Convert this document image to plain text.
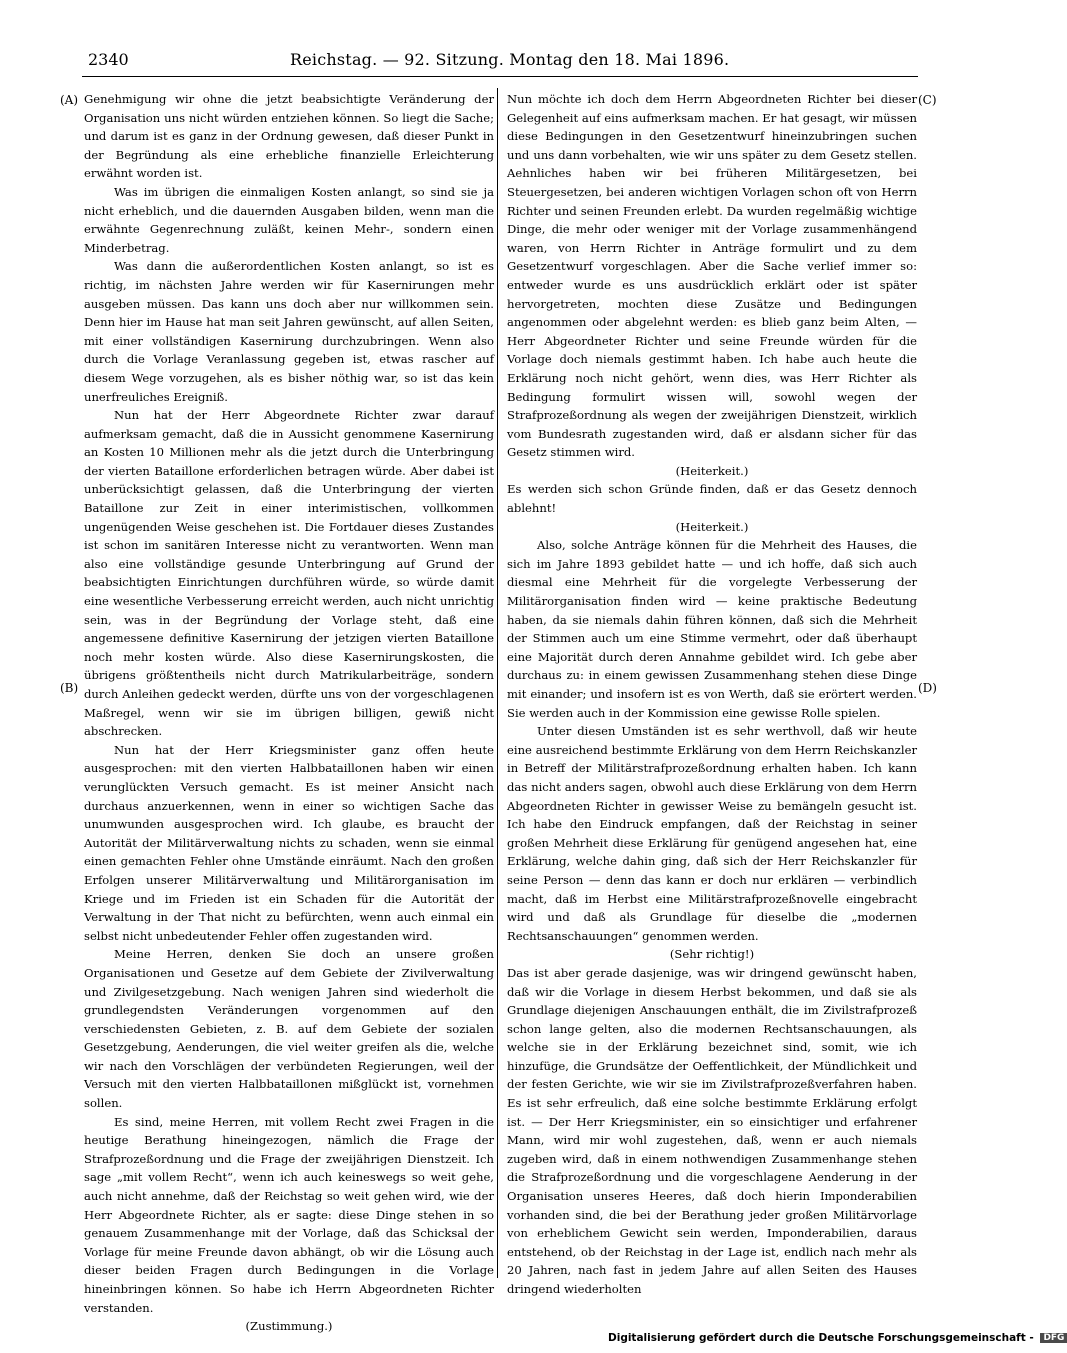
2340	Reichstag. — 92. Sitzung. Montag den 18. Mai 1896.
(A)
(B)
(C)
(D)

Genehmigung wir ohne die jetzt beabsichtigte Veränderung der Organisation uns nicht würden entziehen können. So liegt die Sache; und darum ist es ganz in der Ordnung gewesen, daß dieser Punkt in der Begründung als eine erhebliche finanzielle Erleichterung erwähnt worden ist.

Was im übrigen die einmaligen Kosten anlangt, so sind sie ja nicht erheblich, und die dauernden Ausgaben bilden, wenn man die erwähnte Gegenrechnung zuläßt, keinen Mehr-, sondern einen Minderbetrag.

Was dann die außerordentlichen Kosten anlangt, so ist es richtig, im nächsten Jahre werden wir für Kasernirungen mehr ausgeben müssen. Das kann uns doch aber nur willkommen sein. Denn hier im Hause hat man seit Jahren gewünscht, auf allen Seiten, mit einer vollständigen Kasernirung durchzubringen. Wenn also durch die Vorlage Veranlassung gegeben ist, etwas rascher auf diesem Wege vorzugehen, als es bisher nöthig war, so ist das kein unerfreuliches Ereigniß.

Nun hat der Herr Abgeordnete Richter zwar darauf aufmerksam gemacht, daß die in Aussicht genommene Kasernirung an Kosten 10 Millionen mehr als die jetzt durch die Unterbringung der vierten Bataillone erforderlichen betragen würde. Aber dabei ist unberücksichtigt gelassen, daß die Unterbringung der vierten Bataillone zur Zeit in einer interimistischen, vollkommen ungenügenden Weise geschehen ist. Die Fortdauer dieses Zustandes ist schon im sanitären Interesse nicht zu verantworten. Wenn man also eine vollständige gesunde Unterbringung auf Grund der beabsichtigten Einrichtungen durchführen würde, so würde damit eine wesentliche Verbesserung erreicht werden, auch nicht unrichtig sein, was in der Begründung der Vorlage steht, daß eine angemessene definitive Kasernirung der jetzigen vierten Bataillone noch mehr kosten würde. Also diese Kasernirungskosten, die übrigens größtentheils nicht durch Matrikularbeiträge, sondern durch Anleihen gedeckt werden, dürfte uns von der vorgeschlagenen Maßregel, wenn wir sie im übrigen billigen, gewiß nicht abschrecken.

Nun hat der Herr Kriegsminister ganz offen heute ausgesprochen: mit den vierten Halbbataillonen haben wir einen verunglückten Versuch gemacht. Es ist meiner Ansicht nach durchaus anzuerkennen, wenn in einer so wichtigen Sache das unumwunden ausgesprochen wird. Ich glaube, es braucht der Autorität der Militärverwaltung nichts zu schaden, wenn sie einmal einen gemachten Fehler ohne Umstände einräumt. Nach den großen Erfolgen unserer Militärverwaltung und Militärorganisation im Kriege und im Frieden ist ein Schaden für die Autorität der Verwaltung in der That nicht zu befürchten, wenn auch einmal ein selbst nicht unbedeutender Fehler offen zugestanden wird.

Meine Herren, denken Sie doch an unsere großen Organisationen und Gesetze auf dem Gebiete der Zivilverwaltung und Zivilgesetzgebung. Nach wenigen Jahren sind wiederholt die grundlegendsten Veränderungen vorgenommen auf den verschiedensten Gebieten, z. B. auf dem Gebiete der sozialen Gesetzgebung, Aenderungen, die viel weiter greifen als die, welche wir nach den Vorschlägen der verbündeten Regierungen, weil der Versuch mit den vierten Halbbataillonen mißglückt ist, vornehmen sollen.

Es sind, meine Herren, mit vollem Recht zwei Fragen in die heutige Berathung hineingezogen, nämlich die Frage der Strafprozeßordnung und die Frage der zweijährigen Dienstzeit. Ich sage „mit vollem Recht“, wenn ich auch keineswegs so weit gehe, auch nicht annehme, daß der Reichstag so weit gehen wird, wie der Herr Abgeordnete Richter, als er sagte: diese Dinge stehen in so genauem Zusammenhange mit der Vorlage, daß das Schicksal der Vorlage für meine Freunde davon abhängt, ob wir die Lösung auch dieser beiden Fragen durch Bedingungen in die Vorlage hineinbringen können. So habe ich Herrn Abgeordneten Richter verstanden.

(Zustimmung.)

Nun möchte ich doch dem Herrn Abgeordneten Richter bei dieser Gelegenheit auf eins aufmerksam machen. Er hat gesagt, wir müssen diese Bedingungen in den Gesetzentwurf hineinzubringen suchen und uns dann vorbehalten, wie wir uns später zu dem Gesetz stellen. Aehnliches haben wir bei früheren Militärgesetzen, bei Steuergesetzen, bei anderen wichtigen Vorlagen schon oft von Herrn Richter und seinen Freunden erlebt. Da wurden regelmäßig wichtige Dinge, die mehr oder weniger mit der Vorlage zusammenhängend waren, von Herrn Richter in Anträge formulirt und zu dem Gesetzentwurf vorgeschlagen. Aber die Sache verlief immer so: entweder wurde es uns ausdrücklich erklärt oder ist später hervorgetreten, mochten diese Zusätze und Bedingungen angenommen oder abgelehnt werden: es blieb ganz beim Alten, — Herr Abgeordneter Richter und seine Freunde würden für die Vorlage doch niemals gestimmt haben. Ich habe auch heute die Erklärung noch nicht gehört, wenn dies, was Herr Richter als Bedingung formulirt wissen will, sowohl wegen der Strafprozeßordnung als wegen der zweijährigen Dienstzeit, wirklich vom Bundesrath zugestanden wird, daß er alsdann sicher für das Gesetz stimmen wird.

(Heiterkeit.)

Es werden sich schon Gründe finden, daß er das Gesetz dennoch ablehnt!

(Heiterkeit.)

Also, solche Anträge können für die Mehrheit des Hauses, die sich im Jahre 1893 gebildet hatte — und ich hoffe, daß sich auch diesmal eine Mehrheit für die vorgelegte Verbesserung der Militärorganisation finden wird — keine praktische Bedeutung haben, da sie niemals dahin führen können, daß sich die Mehrheit der Stimmen auch um eine Stimme vermehrt, oder daß überhaupt eine Majorität durch deren Annahme gebildet wird. Ich gebe aber durchaus zu: in einem gewissen Zusammenhang stehen diese Dinge mit einander; und insofern ist es von Werth, daß sie erörtert werden. Sie werden auch in der Kommission eine gewisse Rolle spielen.

Unter diesen Umständen ist es sehr werthvoll, daß wir heute eine ausreichend bestimmte Erklärung von dem Herrn Reichskanzler in Betreff der Militärstrafprozeßordnung erhalten haben. Ich kann das nicht anders sagen, obwohl auch diese Erklärung von dem Herrn Abgeordneten Richter in gewisser Weise zu bemängeln gesucht ist. Ich habe den Eindruck empfangen, daß der Reichstag in seiner großen Mehrheit diese Erklärung für genügend angesehen hat, eine Erklärung, welche dahin ging, daß sich der Herr Reichskanzler für seine Person — denn das kann er doch nur erklären — verbindlich macht, daß im Herbst eine Militärstrafprozeßnovelle eingebracht wird und daß als Grundlage für dieselbe die „modernen Rechtsanschauungen“ genommen werden.

(Sehr richtig!)

Das ist aber gerade dasjenige, was wir dringend gewünscht haben, daß wir die Vorlage in diesem Herbst bekommen, und daß sie als Grundlage diejenigen Anschauungen enthält, die im Zivilstrafprozeß schon lange gelten, also die modernen Rechtsanschauungen, als welche sie in der Erklärung bezeichnet sind, somit, wie ich hinzufüge, die Grundsätze der Oeffentlichkeit, der Mündlichkeit und der festen Gerichte, wie wir sie im Zivilstrafprozeßverfahren haben. Es ist sehr erfreulich, daß eine solche bestimmte Erklärung erfolgt ist. — Der Herr Kriegsminister, ein so einsichtiger und erfahrener Mann, wird mir wohl zugestehen, daß, wenn er auch niemals zugeben wird, daß in einem nothwendigen Zusammenhange stehen die Strafprozeßordnung und die vorgeschlagene Aenderung in der Organisation unseres Heeres, daß doch hierin Imponderabilien vorhanden sind, die bei der Berathung jeder großen Militärvorlage von erheblichem Gewicht sein werden, Imponderabilien, daraus entstehend, ob der Reichstag in der Lage ist, endlich nach mehr als 20 Jahren, nach fast in jedem Jahre auf allen Seiten des Hauses dringend wiederholten

Digitalisierung gefördert durch die Deutsche Forschungsgemeinschaft - DFG
